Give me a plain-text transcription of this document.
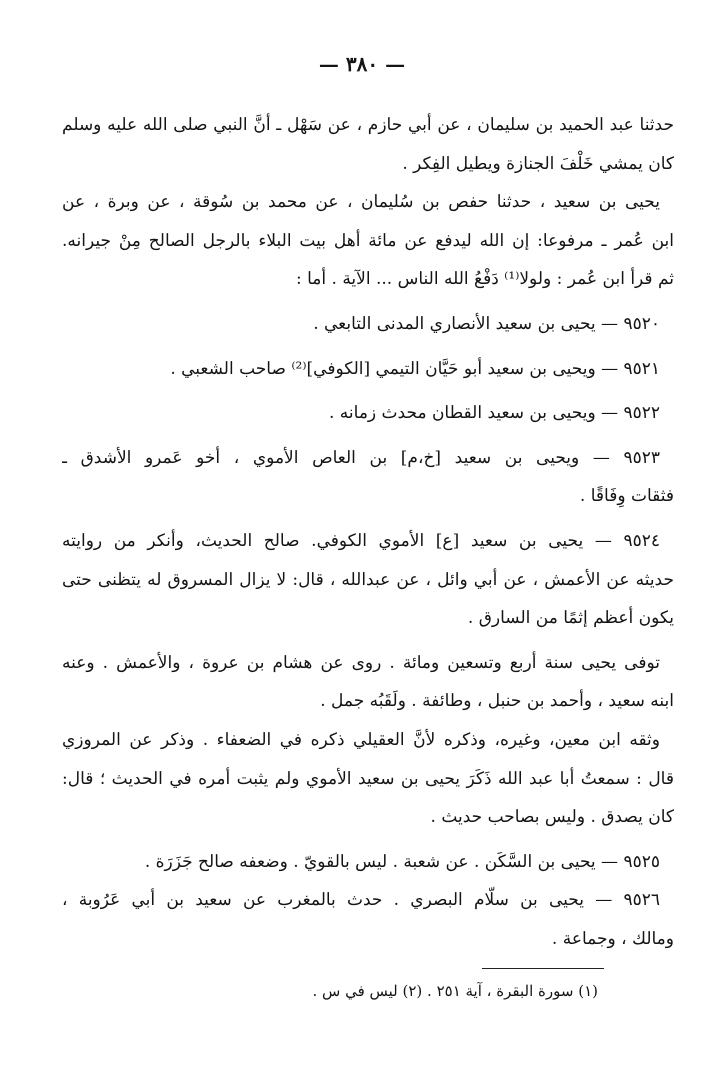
— ٣٨٠ —
حدثنا عبد الحميد بن سليمان ، عن أبي حازم ، عن سَهْل ـ أنَّ النبي صلى الله عليه وسلم
كان يمشي خَلْفَ الجنازة ويطيل الفِكر .
يحيى بن سعيد ، حدثنا حفص بن سُليمان ، عن محمد بن سُوقة ، عن وبرة ، عن
ابن عُمر ـ مرفوعا: إن الله ليدفع عن مائة أهل بيت البلاء بالرجل الصالح مِنْ جيرانه.
ثم قرأ ابن عُمر : ولولا⁽¹⁾ دَفْعُ الله الناس ... الآية . أما :
٩٥٢٠ — يحيى بن سعيد الأنصاري المدنى التابعي .
٩٥٢١ — ويحيى بن سعيد أبو حَيَّان التيمي [الكوفي]⁽²⁾ صاحب الشعبي .
٩٥٢٢ — ويحيى بن سعيد القطان محدث زمانه .
٩٥٢٣ — ويحيى بن سعيد [خ،م] بن العاص الأموي ، أخو عَمرو الأشدق ـ
فثقات وِفَاقًا .
٩٥٢٤ — يحيى بن سعيد [ع] الأموي الكوفي. صالح الحديث، وأنكر من روايته
حديثه عن الأعمش ، عن أبي وائل ، عن عبدالله ، قال: لا يزال المسروق له يتظنى حتى
يكون أعظم إثمًا من السارق .
توفى يحيى سنة أربع وتسعين ومائة . روى عن هشام بن عروة ، والأعمش . وعنه
ابنه سعيد ، وأحمد بن حنبل ، وطائفة . ولَقَبُه جمل .
وثقه ابن معين، وغيره، وذكره لأنَّ العقيلي ذكره في الضعفاء . وذكر عن المروزي
قال : سمعتُ أبا عبد الله ذَكَرَ يحيى بن سعيد الأموي ولم يثبت أمره في الحديث ؛ قال:
كان يصدق . وليس بصاحب حديث .
٩٥٢٥ — يحيى بن السَّكَن . عن شعبة . ليس بالقويّ . وضعفه صالح جَزَرَة .
٩٥٢٦ — يحيى بن سلّام البصري . حدث بالمغرب عن سعيد بن أبي عَرُوبة ،
ومالك ، وجماعة .
(١) سورة البقرة ، آية ٢٥١ . (٢) ليس في س .
